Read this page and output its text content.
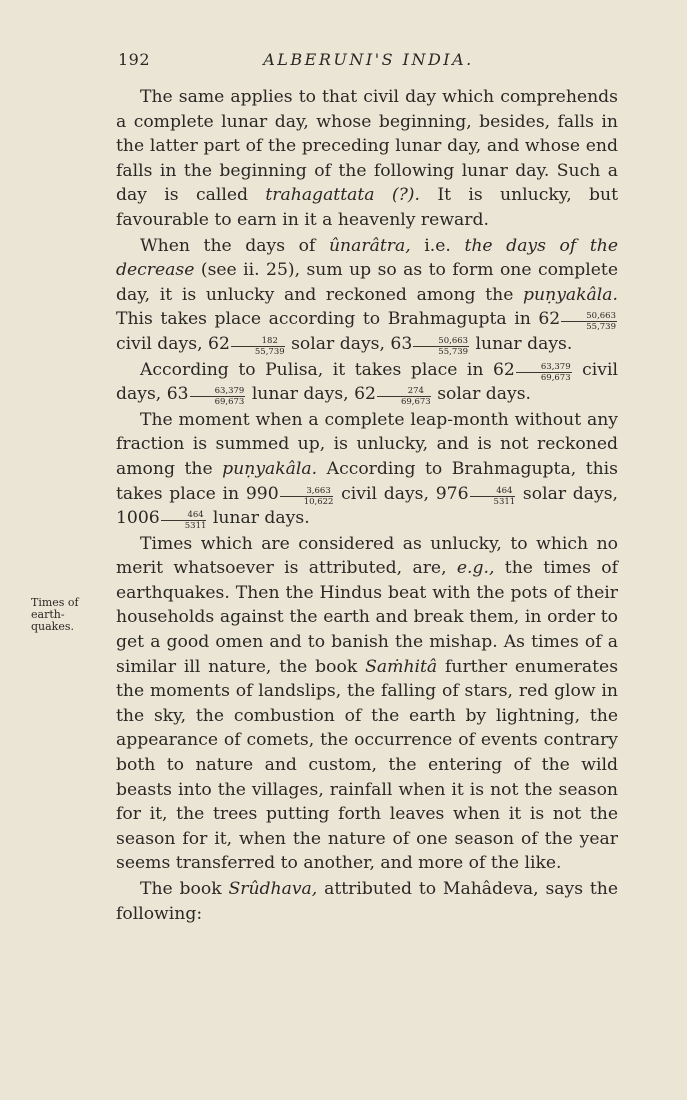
192	ALBERUNI'S INDIA.
Times of earth-quakes.

The same applies to that civil day which comprehends a complete lunar day, whose beginning, besides, falls in the latter part of the preceding lunar day, and whose end falls in the beginning of the following lunar day. Such a day is called trahagattata (?). It is unlucky, but favourable to earn in it a heavenly reward.

When the days of ûnarâtra, i.e. the days of the decrease (see ii. 25), sum up so as to form one complete day, it is unlucky and reckoned among the puṇyakâla. This takes place according to Brahmagupta in $62 \frac{50,663}{55,739}$
civil days, $62 \frac{182}{55,739}$ solar days, $63 \frac{50,663}{55,739}$ lunar days.

According to Pulisa, it takes place in $62 \frac{63,379}{69,673}$ civil days, $63 \frac{63,379}{69,673}$ lunar days, $62 \frac{274}{69,673}$ solar days.

The moment when a complete leap-month without any fraction is summed up, is unlucky, and is not reckoned among the puṇyakâla. According to Brahmagupta, this takes place in $990 \frac{3,663}{10,622}$ civil days, $976 \frac{464}{5311}$ solar days, $1006 \frac{464}{5311}$ lunar days.

Times which are considered as unlucky, to which no merit whatsoever is attributed, are, e.g., the times of earthquakes. Then the Hindus beat with the pots of their households against the earth and break them, in order to get a good omen and to banish the mishap. As times of a similar ill nature, the book Saṁhitâ further enumerates the moments of landslips, the falling of stars, red glow in the sky, the combustion of the earth by lightning, the appearance of comets, the occurrence of events contrary both to nature and custom, the entering of the wild beasts into the villages, rainfall when it is not the season for it, the trees putting forth leaves when it is not the season for it, when the nature of one season of the year seems transferred to another, and more of the like.

The book Srûdhava, attributed to Mahâdeva, says the following:
